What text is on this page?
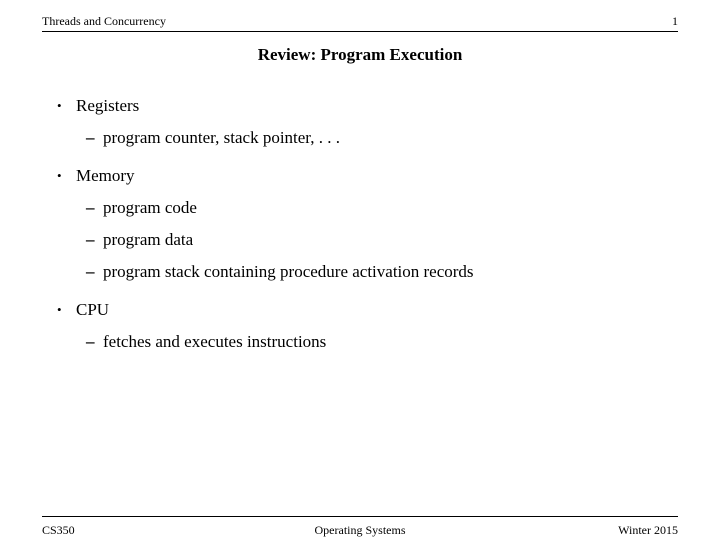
Threads and Concurrency	1
Review: Program Execution
• Registers
– program counter, stack pointer, . . .
• Memory
– program code
– program data
– program stack containing procedure activation records
• CPU
– fetches and executes instructions
CS350	Operating Systems	Winter 2015
